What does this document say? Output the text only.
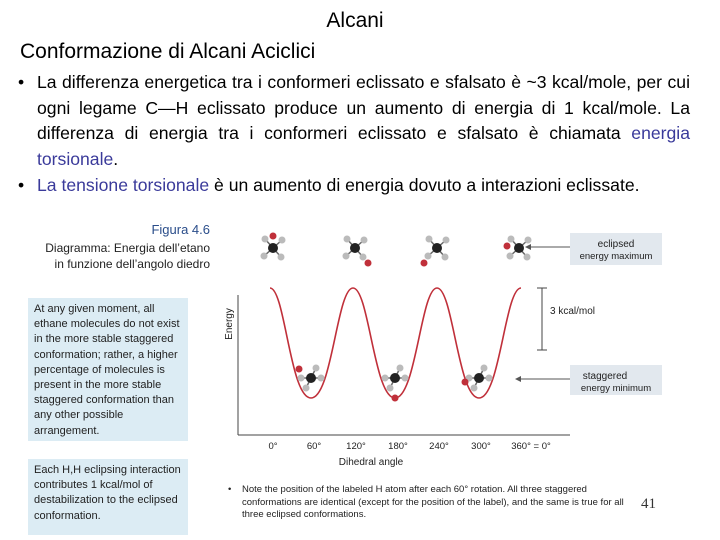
Alcani
Conformazione di Alcani Aciclici
• La differenza energetica tra i conformeri eclissato e sfalsato è ~3 kcal/mole, per cui ogni legame C—H eclissato produce un aumento di energia di 1 kcal/mole. La differenza di energia tra i conformeri eclissato e sfalsato è chiamata energia torsionale.
• La tensione torsionale è un aumento di energia dovuto a interazioni eclissate.
Figura 4.6
Diagramma: Energia dell’etano in funzione dell’angolo diedro
At any given moment, all ethane molecules do not exist in the more stable staggered conformation; rather, a higher percentage of molecules is present in the more stable staggered conformation than any other possible arrangement.
Each H,H eclipsing interaction contributes 1 kcal/mol of destabilization to the eclipsed conformation.
Energy
Dihedral angle
0°	60°	120° 180° 240° 300° 360° = 0°
3 kcal/mol
eclipsed
energy maximum
staggered
energy minimum
• Note the position of the labeled H atom after each 60° rotation. All three staggered conformations are identical (except for the position of the label), and the same is true for all three eclipsed conformations.
41
